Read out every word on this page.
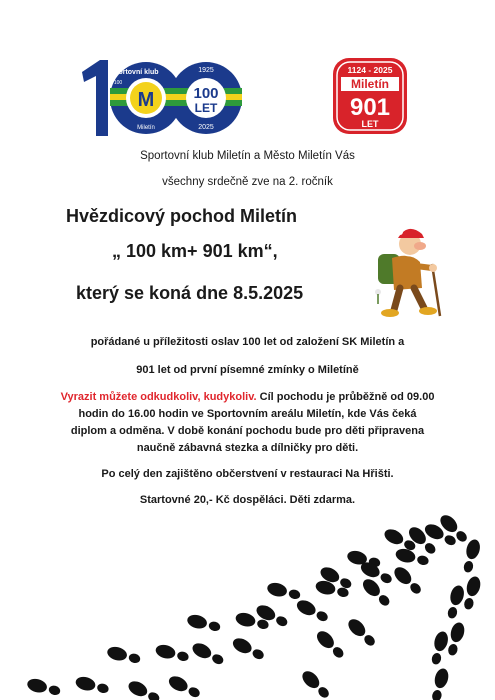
M
Sportovní klub
Miletín
100
100
LET
1925
2025
1124 - 2025
Miletín
901
LET
Sportovní klub Miletín a Město Miletín Vás
všechny srdečně zve na 2. ročník
Hvězdicový pochod Miletín
„ 100 km+ 901 km“,
který se koná dne 8.5.2025
pořádané u příležitosti oslav 100 let od založení SK Miletín a
901 let od první písemné zmínky o Miletíně
Vyrazit můžete odkudkoliv, kudykoliv. Cíl pochodu je průběžně od 09.00 hodin do 16.00 hodin ve Sportovním areálu Miletín, kde Vás čeká diplom a odměna. V době konání pochodu bude pro děti připravena naučně zábavná stezka a dílničky pro děti.
Po celý den zajištěno občerstvení v restauraci Na Hřišti.
Startovné 20,- Kč dospěláci. Děti zdarma.
